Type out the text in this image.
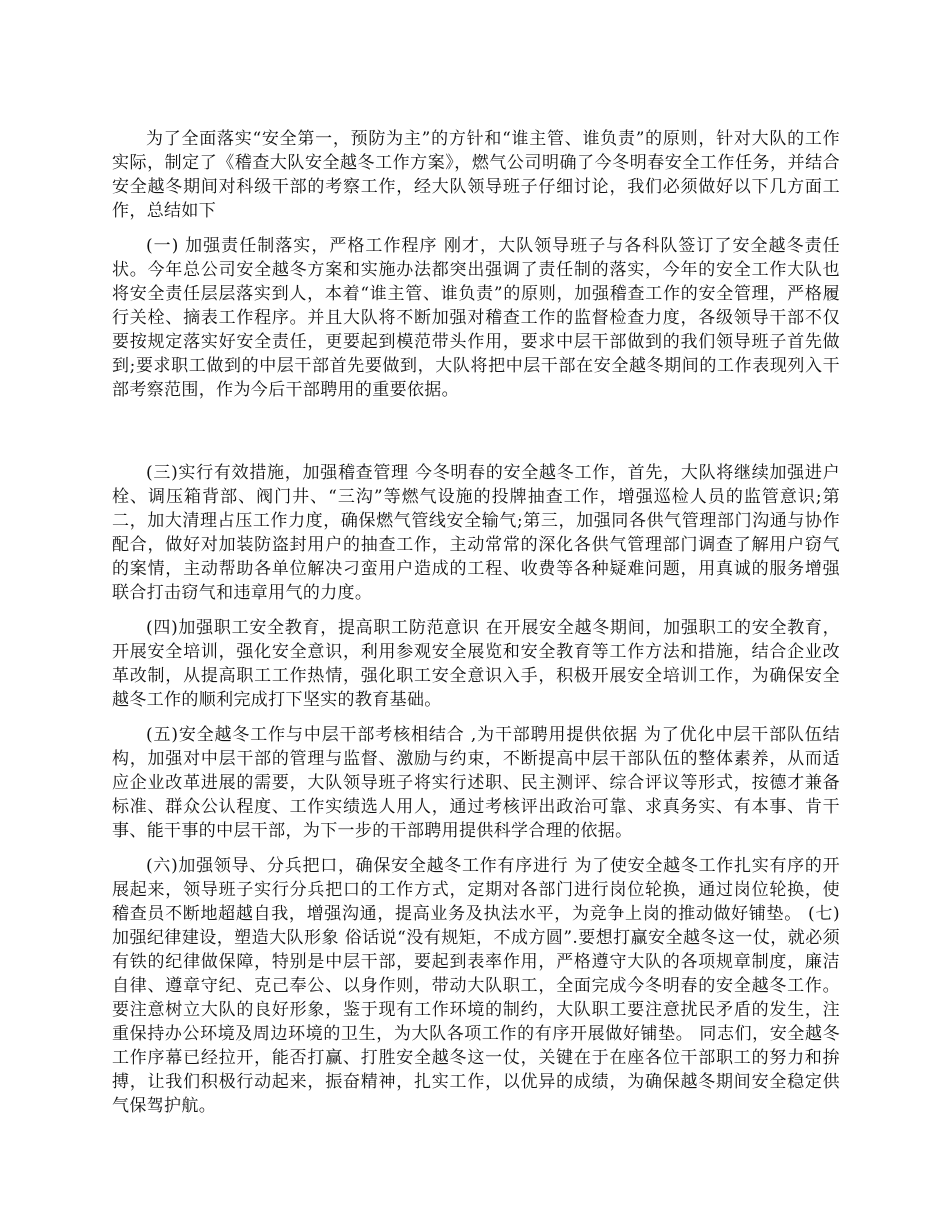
为了全面落实“安全第一，预防为主”的方针和“谁主管、谁负责”的原则，针对大队的工作实际，制定了《稽查大队安全越冬工作方案》，燃气公司明确了今冬明春安全工作任务，并结合安全越冬期间对科级干部的考察工作，经大队领导班子仔细讨论，我们必须做好以下几方面工作，总结如下

(一) 加强责任制落实，严格工作程序 刚才，大队领导班子与各科队签订了安全越冬责任状。今年总公司安全越冬方案和实施办法都突出强调了责任制的落实，今年的安全工作大队也将安全责任层层落实到人，本着“谁主管、谁负责”的原则，加强稽查工作的安全管理，严格履行关栓、摘表工作程序。并且大队将不断加强对稽查工作的监督检查力度，各级领导干部不仅要按规定落实好安全责任，更要起到模范带头作用，要求中层干部做到的我们领导班子首先做到;要求职工做到的中层干部首先要做到，大队将把中层干部在安全越冬期间的工作表现列入干部考察范围，作为今后干部聘用的重要依据。

(三)实行有效措施，加强稽查管理 今冬明春的安全越冬工作，首先，大队将继续加强进户栓、调压箱背部、阀门井、“三沟”等燃气设施的投牌抽查工作，增强巡检人员的监管意识;第二，加大清理占压工作力度，确保燃气管线安全输气;第三，加强同各供气管理部门沟通与协作配合，做好对加装防盗封用户的抽查工作，主动常常的深化各供气管理部门调查了解用户窃气的案情，主动帮助各单位解决刁蛮用户造成的工程、收费等各种疑难问题，用真诚的服务增强联合打击窃气和违章用气的力度。

(四)加强职工安全教育，提高职工防范意识 在开展安全越冬期间，加强职工的安全教育，开展安全培训，强化安全意识，利用参观安全展览和安全教育等工作方法和措施，结合企业改革改制，从提高职工工作热情，强化职工安全意识入手，积极开展安全培训工作，为确保安全越冬工作的顺利完成打下坚实的教育基础。

(五)安全越冬工作与中层干部考核相结合 ,为干部聘用提供依据 为了优化中层干部队伍结构，加强对中层干部的管理与监督、激励与约束，不断提高中层干部队伍的整体素养，从而适应企业改革进展的需要，大队领导班子将实行述职、民主测评、综合评议等形式，按德才兼备标准、群众公认程度、工作实绩选人用人，通过考核评出政治可靠、求真务实、有本事、肯干事、能干事的中层干部，为下一步的干部聘用提供科学合理的依据。

(六)加强领导、分兵把口，确保安全越冬工作有序进行 为了使安全越冬工作扎实有序的开展起来，领导班子实行分兵把口的工作方式，定期对各部门进行岗位轮换，通过岗位轮换，使稽查员不断地超越自我，增强沟通，提高业务及执法水平，为竞争上岗的推动做好铺垫。 (七)加强纪律建设，塑造大队形象 俗话说“没有规矩，不成方圆”.要想打赢安全越冬这一仗，就必须有铁的纪律做保障，特别是中层干部，要起到表率作用，严格遵守大队的各项规章制度，廉洁自律、遵章守纪、克己奉公、以身作则，带动大队职工，全面完成今冬明春的安全越冬工作。 要注意树立大队的良好形象，鉴于现有工作环境的制约，大队职工要注意扰民矛盾的发生，注重保持办公环境及周边环境的卫生，为大队各项工作的有序开展做好铺垫。 同志们，安全越冬工作序幕已经拉开，能否打赢、打胜安全越冬这一仗，关键在于在座各位干部职工的努力和拚搏，让我们积极行动起来，振奋精神，扎实工作，以优异的成绩，为确保越冬期间安全稳定供气保驾护航。
